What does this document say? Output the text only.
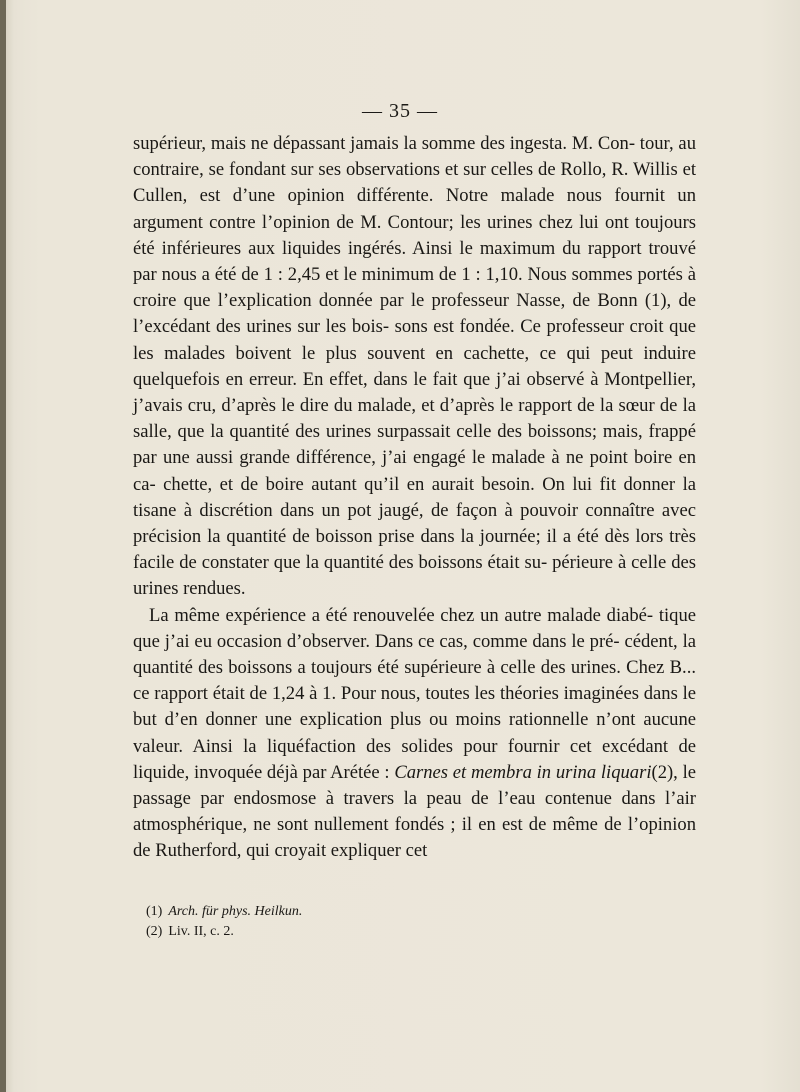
— 35 —

supérieur, mais ne dépassant jamais la somme des ingesta. M. Con- tour, au contraire, se fondant sur ses observations et sur celles de Rollo, R. Willis et Cullen, est d’une opinion différente. Notre malade nous fournit un argument contre l’opinion de M. Contour; les urines chez lui ont toujours été inférieures aux liquides ingérés. Ainsi le maximum du rapport trouvé par nous a été de 1 : 2,45 et le minimum de 1 : 1,10. Nous sommes portés à croire que l’explication donnée par le professeur Nasse, de Bonn (1), de l’excédant des urines sur les bois- sons est fondée. Ce professeur croit que les malades boivent le plus souvent en cachette, ce qui peut induire quelquefois en erreur. En effet, dans le fait que j’ai observé à Montpellier, j’avais cru, d’après le dire du malade, et d’après le rapport de la sœur de la salle, que la quantité des urines surpassait celle des boissons; mais, frappé par une aussi grande différence, j’ai engagé le malade à ne point boire en ca- chette, et de boire autant qu’il en aurait besoin. On lui fit donner la tisane à discrétion dans un pot jaugé, de façon à pouvoir connaître avec précision la quantité de boisson prise dans la journée; il a été dès lors très facile de constater que la quantité des boissons était su- périeure à celle des urines rendues.

La même expérience a été renouvelée chez un autre malade diabé- tique que j’ai eu occasion d’observer. Dans ce cas, comme dans le pré- cédent, la quantité des boissons a toujours été supérieure à celle des urines. Chez B... ce rapport était de 1,24 à 1. Pour nous, toutes les théories imaginées dans le but d’en donner une explication plus ou moins rationnelle n’ont aucune valeur. Ainsi la liquéfaction des solides pour fournir cet excédant de liquide, invoquée déjà par Arétée : Carnes et membra in urina liquari(2), le passage par endosmose à travers la peau de l’eau contenue dans l’air atmosphérique, ne sont nullement fondés ; il en est de même de l’opinion de Rutherford, qui croyait expliquer cet

(1) Arch. für phys. Heilkun.
(2) Liv. II, c. 2.
